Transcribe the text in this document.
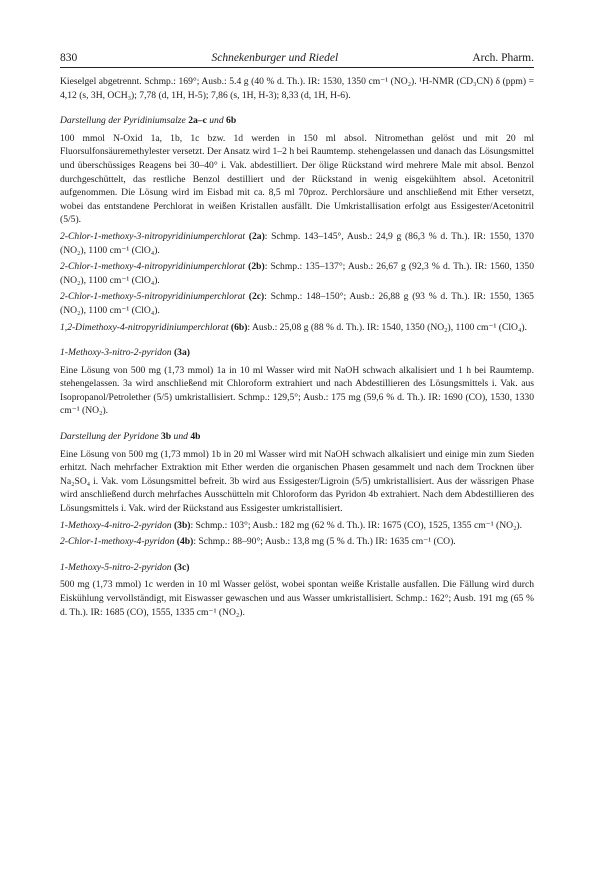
830	Schnekenburger und Riedel	Arch. Pharm.

Kieselgel abgetrennt. Schmp.: 169°; Ausb.: 5.4 g (40 % d. Th.). IR: 1530, 1350 cm⁻¹ (NO₂). ¹H-NMR (CD₃CN) δ (ppm) = 4,12 (s, 3H, OCH₃); 7,78 (d, 1H, H-5); 7,86 (s, 1H, H-3); 8,33 (d, 1H, H-6).

Darstellung der Pyridiniumsalze 2a–c und 6b

100 mmol N-Oxid 1a, 1b, 1c bzw. 1d werden in 150 ml absol. Nitromethan gelöst und mit 20 ml Fluorsulfonsäuremethylester versetzt. Der Ansatz wird 1–2 h bei Raumtemp. stehengelassen und danach das Lösungsmittel und überschüssiges Reagens bei 30–40° i. Vak. abdestilliert. Der ölige Rückstand wird mehrere Male mit absol. Benzol durchgeschüttelt, das restliche Benzol destilliert und der Rückstand in wenig eisgekühltem absol. Acetonitril aufgenommen. Die Lösung wird im Eisbad mit ca. 8,5 ml 70proz. Perchlorsäure und anschließend mit Ether versetzt, wobei das entstandene Perchlorat in weißen Kristallen ausfällt. Die Umkristallisation erfolgt aus Essigester/Acetonitril (5/5).

2-Chlor-1-methoxy-3-nitropyridiniumperchlorat (2a): Schmp. 143–145°, Ausb.: 24,9 g (86,3 % d. Th.). IR: 1550, 1370 (NO₂), 1100 cm⁻¹ (ClO₄).

2-Chlor-1-methoxy-4-nitropyridiniumperchlorat (2b): Schmp.: 135–137°; Ausb.: 26,67 g (92,3 % d. Th.). IR: 1560, 1350 (NO₂), 1100 cm⁻¹ (ClO₄).

2-Chlor-1-methoxy-5-nitropyridiniumperchlorat (2c): Schmp.: 148–150°; Ausb.: 26,88 g (93 % d. Th.). IR: 1550, 1365 (NO₂), 1100 cm⁻¹ (ClO₄).

1,2-Dimethoxy-4-nitropyridiniumperchlorat (6b): Ausb.: 25,08 g (88 % d. Th.). IR: 1540, 1350 (NO₂), 1100 cm⁻¹ (ClO₄).

1-Methoxy-3-nitro-2-pyridon (3a)

Eine Lösung von 500 mg (1,73 mmol) 1a in 10 ml Wasser wird mit NaOH schwach alkalisiert und 1 h bei Raumtemp. stehengelassen. 3a wird anschließend mit Chloroform extrahiert und nach Abdestillieren des Lösungsmittels i. Vak. aus Isopropanol/Petrolether (5/5) umkristallisiert. Schmp.: 129,5°; Ausb.: 175 mg (59,6 % d. Th.). IR: 1690 (CO), 1530, 1330 cm⁻¹ (NO₂).

Darstellung der Pyridone 3b und 4b

Eine Lösung von 500 mg (1,73 mmol) 1b in 20 ml Wasser wird mit NaOH schwach alkalisiert und einige min zum Sieden erhitzt. Nach mehrfacher Extraktion mit Ether werden die organischen Phasen gesammelt und nach dem Trocknen über Na₂SO₄ i. Vak. vom Lösungsmittel befreit. 3b wird aus Essigester/Ligroin (5/5) umkristallisiert. Aus der wässrigen Phase wird anschließend durch mehrfaches Ausschütteln mit Chloroform das Pyridon 4b extrahiert. Nach dem Abdestillieren des Lösungsmittels i. Vak. wird der Rückstand aus Essigester umkristallisiert.

1-Methoxy-4-nitro-2-pyridon (3b): Schmp.: 103°; Ausb.: 182 mg (62 % d. Th.). IR: 1675 (CO), 1525, 1355 cm⁻¹ (NO₂).

2-Chlor-1-methoxy-4-pyridon (4b): Schmp.: 88–90°; Ausb.: 13,8 mg (5 % d. Th.) IR: 1635 cm⁻¹ (CO).

1-Methoxy-5-nitro-2-pyridon (3c)

500 mg (1,73 mmol) 1c werden in 10 ml Wasser gelöst, wobei spontan weiße Kristalle ausfallen. Die Fällung wird durch Eiskühlung vervollständigt, mit Eiswasser gewaschen und aus Wasser umkristallisiert. Schmp.: 162°; Ausb. 191 mg (65 % d. Th.). IR: 1685 (CO), 1555, 1335 cm⁻¹ (NO₂).
